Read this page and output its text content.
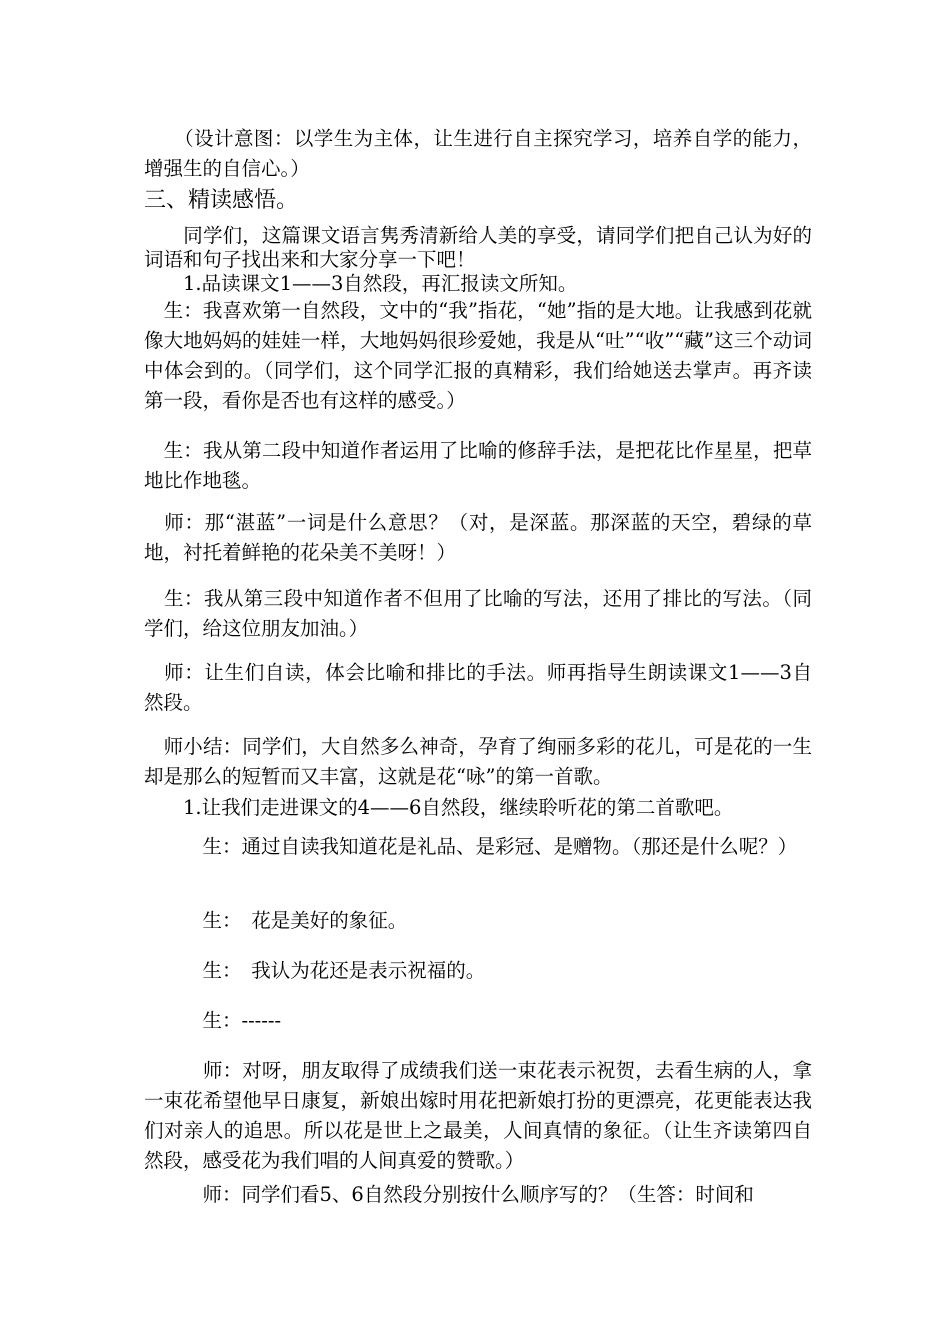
　　（设计意图：以学生为主体，让生进行自主探究学习，培养自学的能力，增强生的自信心。）

三、精读感悟。

　　同学们，这篇课文语言隽秀清新给人美的享受，请同学们把自己认为好的词语和句子找出来和大家分享一下吧！

　　1.品读课文1——3自然段，再汇报读文所知。

　生：我喜欢第一自然段，文中的“我”指花，“她”指的是大地。让我感到花就像大地妈妈的娃娃一样，大地妈妈很珍爱她，我是从“吐”“收”“藏”这三个动词中体会到的。（同学们，这个同学汇报的真精彩，我们给她送去掌声。再齐读第一段，看你是否也有这样的感受。）

　生：我从第二段中知道作者运用了比喻的修辞手法，是把花比作星星，把草地比作地毯。

　师：那“湛蓝”一词是什么意思？（对，是深蓝。那深蓝的天空，碧绿的草地，衬托着鲜艳的花朵美不美呀！）

　生：我从第三段中知道作者不但用了比喻的写法，还用了排比的写法。（同学们，给这位朋友加油。）

　师：让生们自读，体会比喻和排比的手法。师再指导生朗读课文1——3自然段。

　师小结：同学们，大自然多么神奇，孕育了绚丽多彩的花儿，可是花的一生却是那么的短暂而又丰富，这就是花“咏”的第一首歌。

　　1.让我们走进课文的4——6自然段，继续聆听花的第二首歌吧。

　　　生：通过自读我知道花是礼品、是彩冠、是赠物。（那还是什么呢？）

　　　生：　花是美好的象征。

　　　生：　我认为花还是表示祝福的。

　　　生：------

　　　师：对呀，朋友取得了成绩我们送一束花表示祝贺，去看生病的人，拿一束花希望他早日康复，新娘出嫁时用花把新娘打扮的更漂亮，花更能表达我们对亲人的追思。所以花是世上之最美，人间真情的象征。（让生齐读第四自然段，感受花为我们唱的人间真爱的赞歌。）

　　　师：同学们看5、6自然段分别按什么顺序写的？（生答：时间和
